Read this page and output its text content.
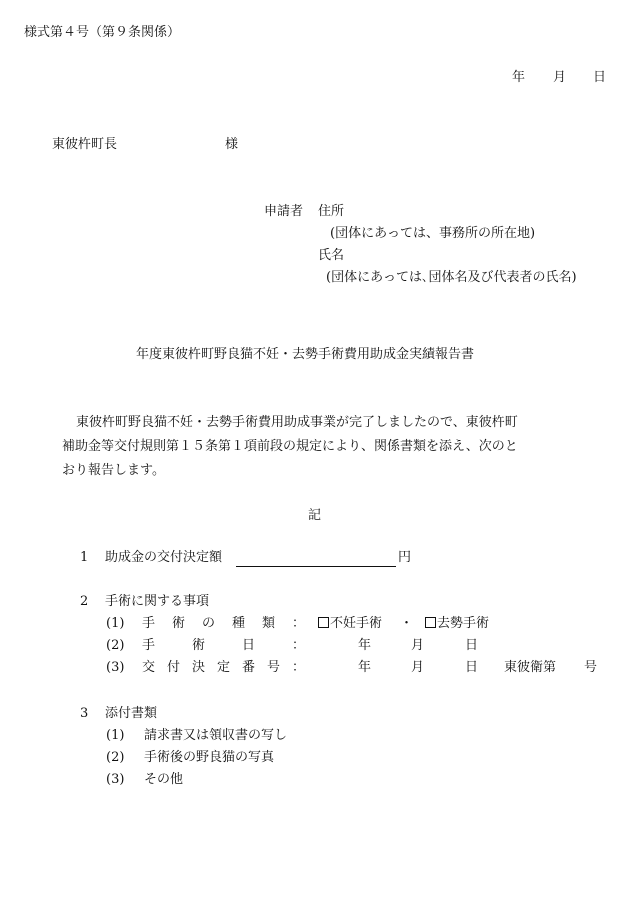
様式第４号（第９条関係）
年 月 日
東彼杵町長	様
申請者 住所
(団体にあっては、事務所の所在地)
氏名
(団体にあっては､団体名及び代表者の氏名)
年度東彼杵町野良猫不妊・去勢手術費用助成金実績報告書
東彼杵町野良猫不妊・去勢手術費用助成事業が完了しましたので、東彼杵町
補助金等交付規則第１５条第１項前段の規定により、関係書類を添え、次のと
おり報告します。
記
1 助成金の交付決定額	円
2 手術に関する事項
(1) 手術の種類：	不妊手術 ・	去勢手術
(2) 手術日：	年	月	日
(3) 交付決定番号：	年	月	日 東彼衛第 号
3 添付書類
(1) 請求書又は領収書の写し
(2) 手術後の野良猫の写真
(3) その他
